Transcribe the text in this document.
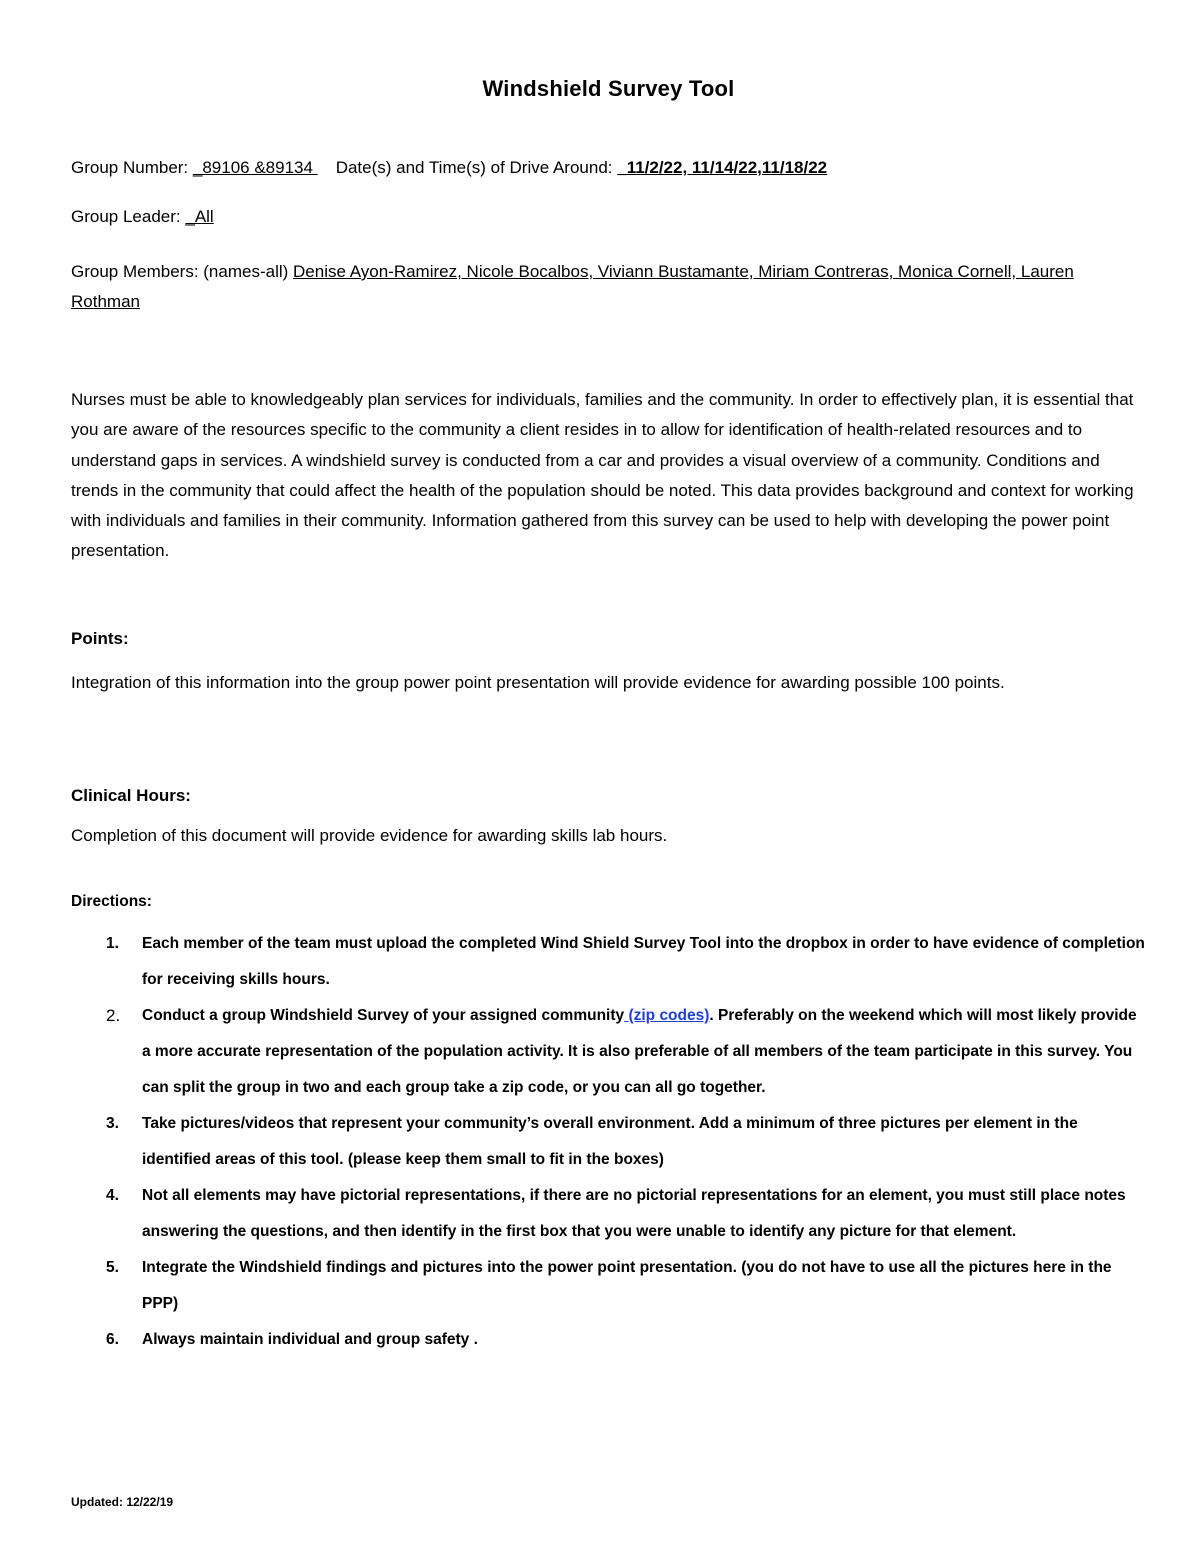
Windshield Survey Tool
Group Number: _89106 &89134 Date(s) and Time(s) of Drive Around: _11/2/22, 11/14/22,11/18/22
Group Leader: _All
Group Members: (names-all) Denise Ayon-Ramirez, Nicole Bocalbos, Viviann Bustamante, Miriam Contreras, Monica Cornell, Lauren Rothman
Nurses must be able to knowledgeably plan services for individuals, families and the community. In order to effectively plan, it is essential that you are aware of the resources specific to the community a client resides in to allow for identification of health-related resources and to understand gaps in services. A windshield survey is conducted from a car and provides a visual overview of a community. Conditions and trends in the community that could affect the health of the population should be noted. This data provides background and context for working with individuals and families in their community. Information gathered from this survey can be used to help with developing the power point presentation.
Points:
Integration of this information into the group power point presentation will provide evidence for awarding possible 100 points.
Clinical Hours:
Completion of this document will provide evidence for awarding skills lab hours.
Directions:
1. Each member of the team must upload the completed Wind Shield Survey Tool into the dropbox in order to have evidence of completion for receiving skills hours.
2. Conduct a group Windshield Survey of your assigned community (zip codes). Preferably on the weekend which will most likely provide a more accurate representation of the population activity. It is also preferable of all members of the team participate in this survey. You can split the group in two and each group take a zip code, or you can all go together.
3. Take pictures/videos that represent your community’s overall environment. Add a minimum of three pictures per element in the identified areas of this tool. (please keep them small to fit in the boxes)
4. Not all elements may have pictorial representations, if there are no pictorial representations for an element, you must still place notes answering the questions, and then identify in the first box that you were unable to identify any picture for that element.
5. Integrate the Windshield findings and pictures into the power point presentation. (you do not have to use all the pictures here in the PPP)
6. Always maintain individual and group safety .
Updated: 12/22/19
